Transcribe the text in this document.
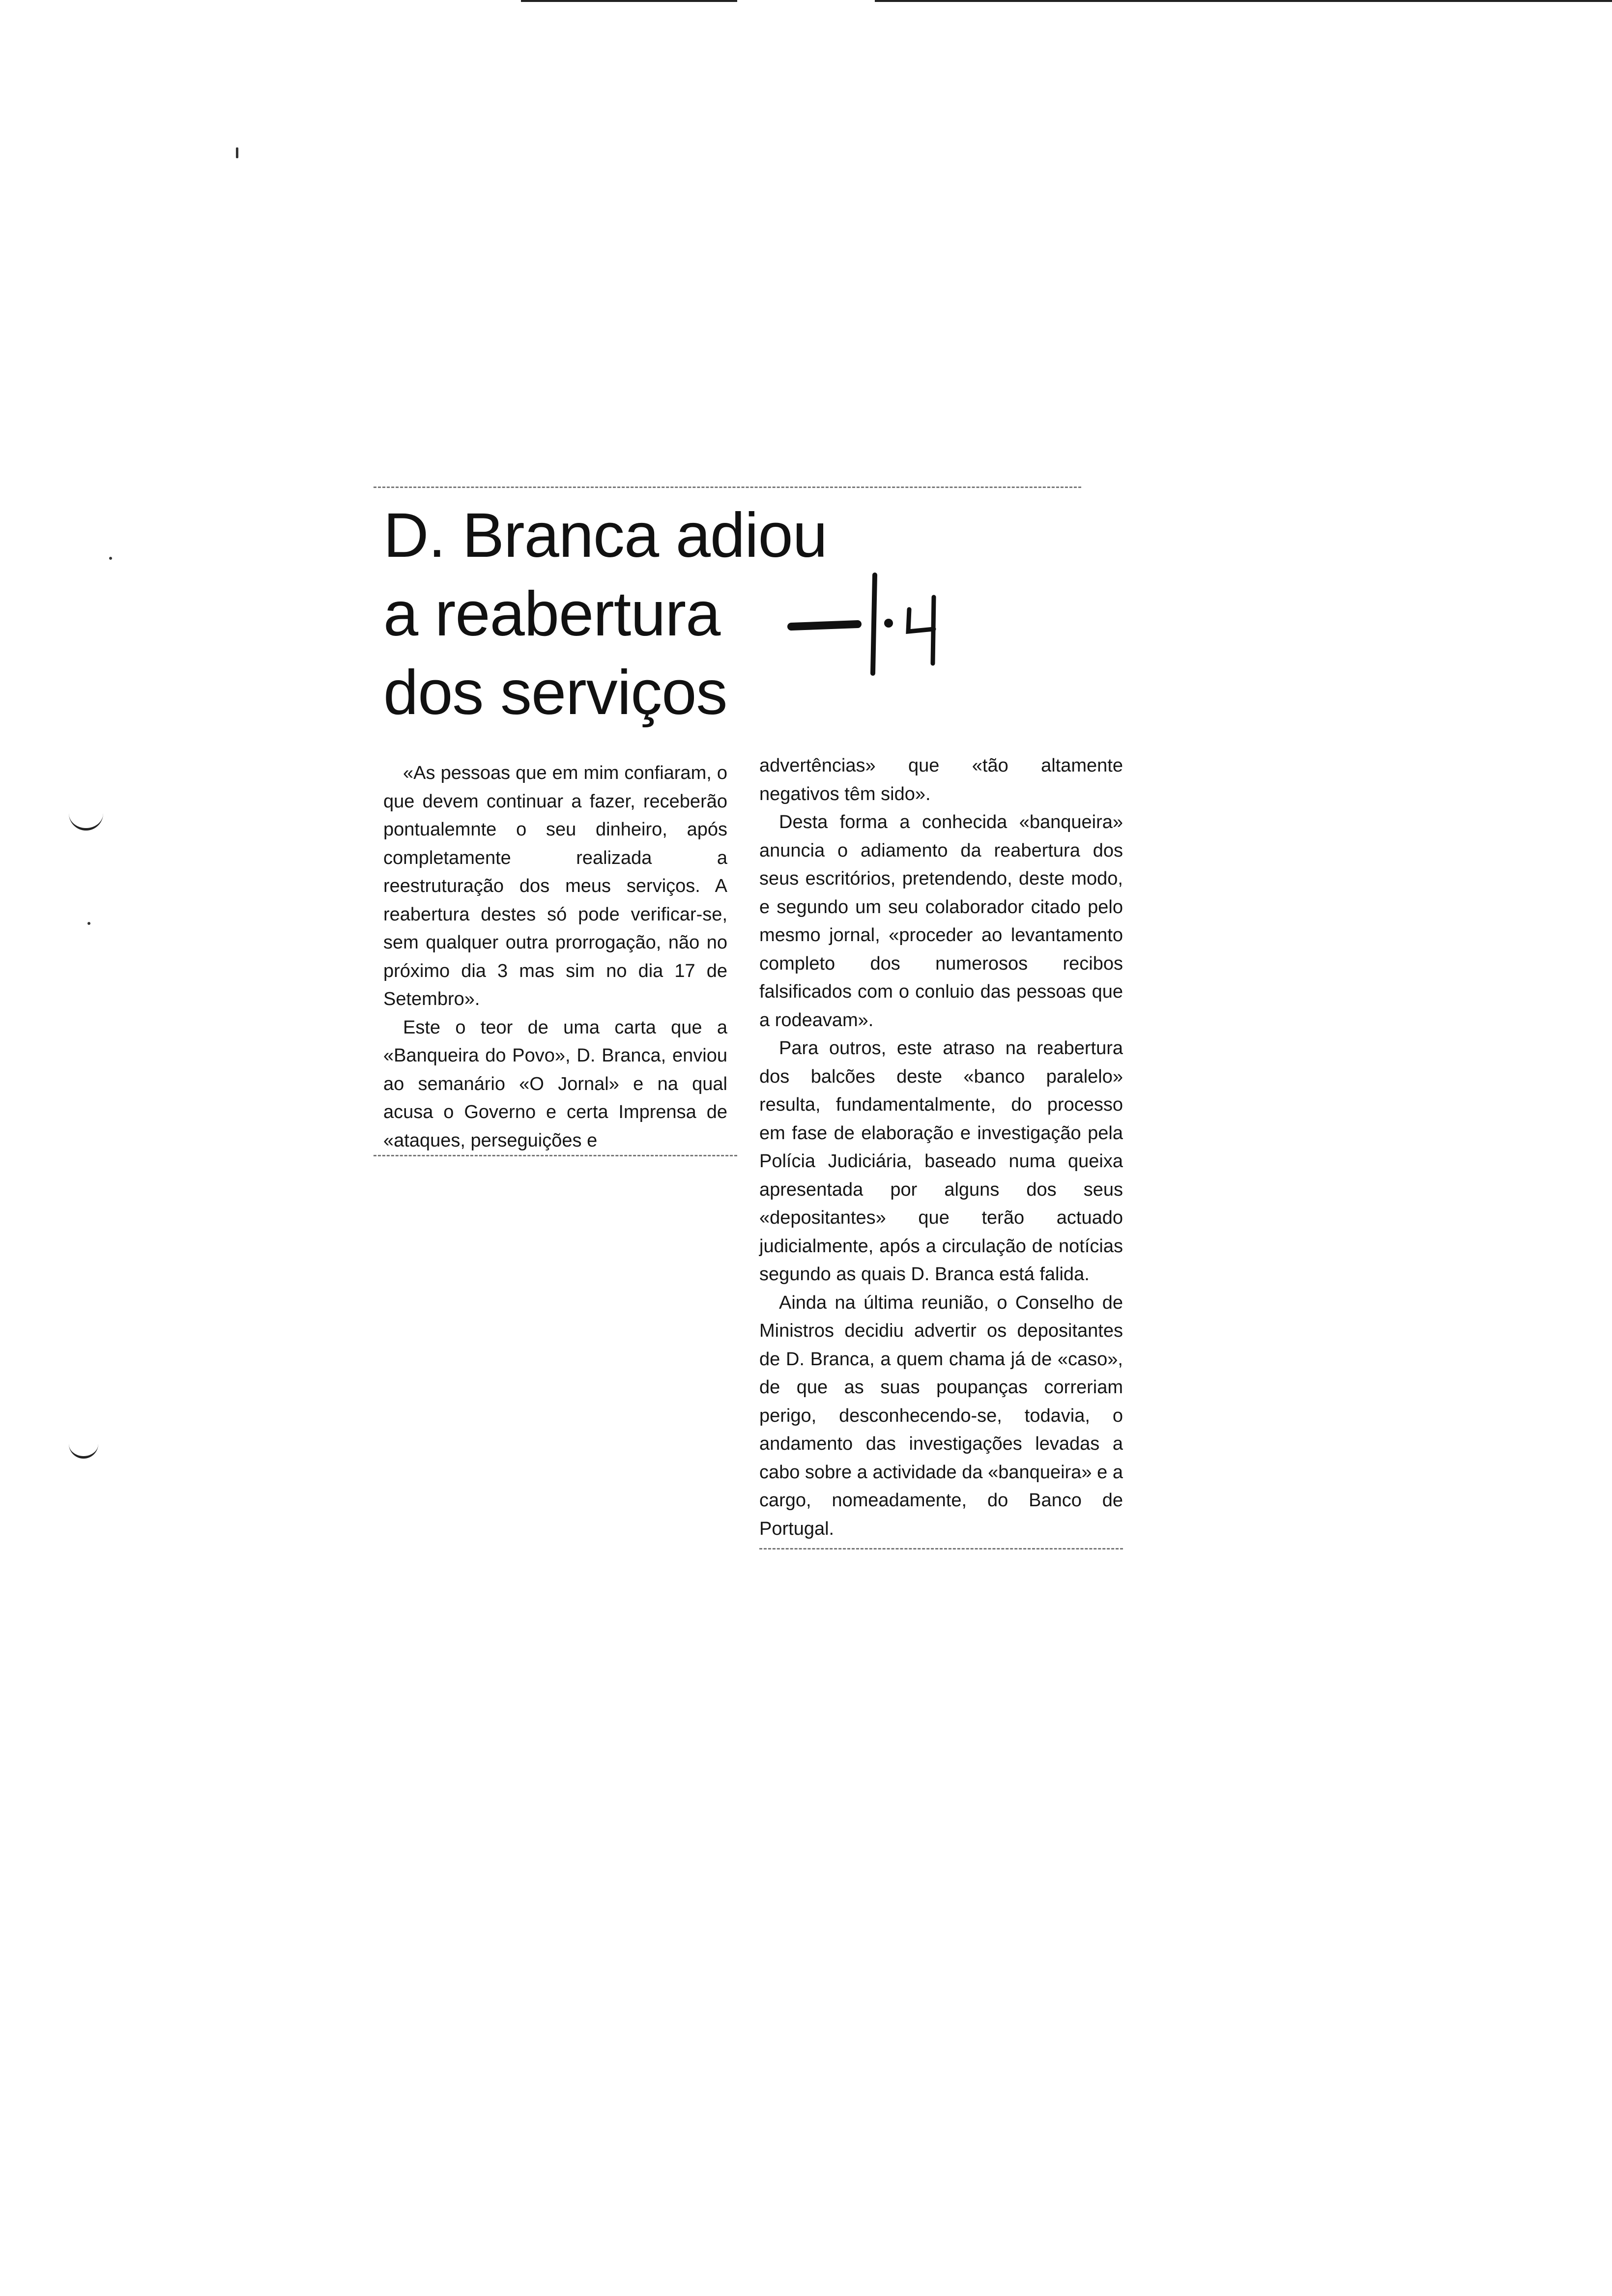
D. Branca adiou
a reabertura
dos serviços

«As pessoas que em mim confiaram, o que devem continuar a fazer, receberão pontualemnte o seu dinheiro, após completamente realizada a reestruturação dos meus serviços. A reabertura destes só pode verificar-se, sem qualquer outra prorrogação, não no próximo dia 3 mas sim no dia 17 de Setembro».

Este o teor de uma carta que a «Banqueira do Povo», D. Branca, enviou ao semanário «O Jornal» e na qual acusa o Governo e certa Imprensa de «ataques, perseguições e

advertências» que «tão altamente negativos têm sido».

Desta forma a conhecida «banqueira» anuncia o adiamento da reabertura dos seus escritórios, pretendendo, deste modo, e segundo um seu colaborador citado pelo mesmo jornal, «proceder ao levantamento completo dos numerosos recibos falsificados com o conluio das pessoas que a rodeavam».

Para outros, este atraso na reabertura dos balcões deste «banco paralelo» resulta, fundamentalmente, do processo em fase de elaboração e investigação pela Polícia Judiciária, baseado numa queixa apresentada por alguns dos seus «depositantes» que terão actuado judicialmente, após a circulação de notícias segundo as quais D. Branca está falida.

Ainda na última reunião, o Conselho de Ministros decidiu advertir os depositantes de D. Branca, a quem chama já de «caso», de que as suas poupanças correriam perigo, desconhecendo-se, todavia, o andamento das investigações levadas a cabo sobre a actividade da «banqueira» e a cargo, nomeadamente, do Banco de Portugal.
